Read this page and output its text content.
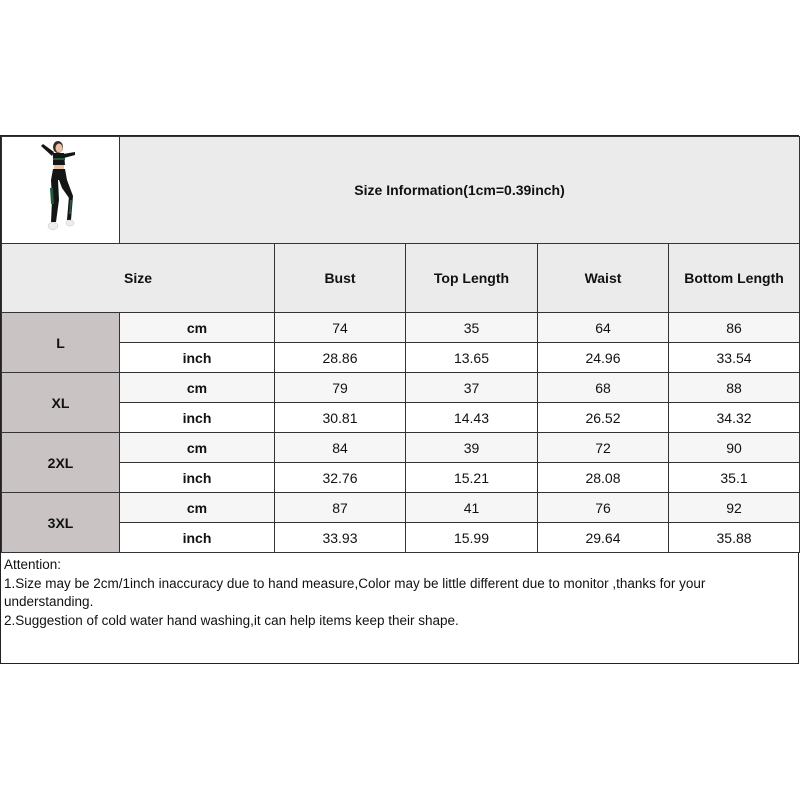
	Size Information(1cm=0.39inch)				
Size		Bust	Top Length	Waist	Bottom Length
L	cm	74	35	64	86
	inch	28.86	13.65	24.96	33.54
XL	cm	79	37	68	88
	inch	30.81	14.43	26.52	34.32
2XL	cm	84	39	72	90
	inch	32.76	15.21	28.08	35.1
3XL	cm	87	41	76	92
	inch	33.93	15.99	29.64	35.88
Attention:
1.Size may be 2cm/1inch inaccuracy due to hand measure,Color may be little different due to monitor ,thanks for your understanding.
2.Suggestion of cold water hand washing,it can help items keep their shape.
